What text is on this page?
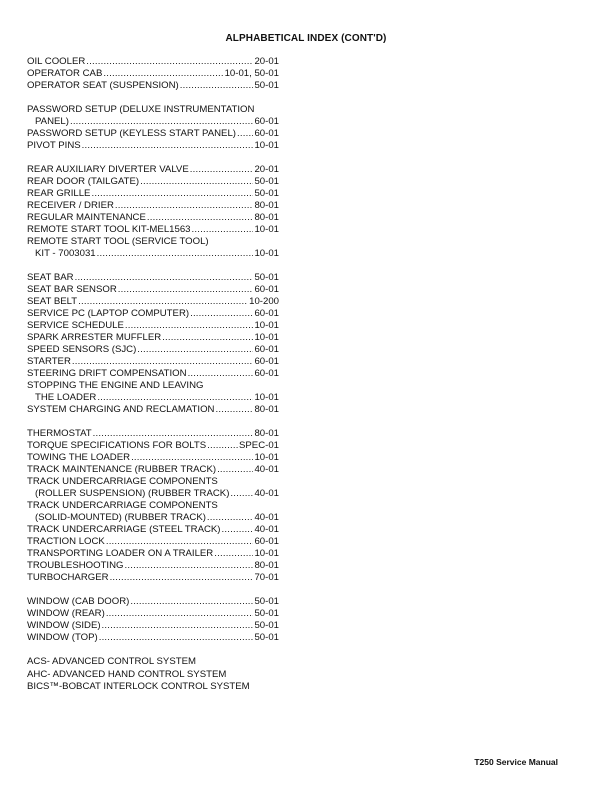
ALPHABETICAL INDEX (CONT'D)
OIL COOLER .....	20-01
OPERATOR CAB .....	10-01, 50-01
OPERATOR SEAT (SUSPENSION) .....	50-01
PASSWORD SETUP (DELUXE INSTRUMENTATION
PANEL) .....	60-01
PASSWORD SETUP (KEYLESS START PANEL) ..... 60-01
PIVOT PINS .....	10-01
REAR AUXILIARY DIVERTER VALVE .....	20-01
REAR DOOR (TAILGATE) .....	50-01
REAR GRILLE .....	50-01
RECEIVER / DRIER .....	80-01
REGULAR MAINTENANCE .....	80-01
REMOTE START TOOL KIT-MEL1563 .....	10-01
REMOTE START TOOL (SERVICE TOOL)
KIT - 7003031 .....	10-01
SEAT BAR .....	50-01
SEAT BAR SENSOR .....	60-01
SEAT BELT .....	10-200
SERVICE PC (LAPTOP COMPUTER) .....	60-01
SERVICE SCHEDULE .....	10-01
SPARK ARRESTER MUFFLER .....	10-01
SPEED SENSORS (SJC) .....	60-01
STARTER .....	60-01
STEERING DRIFT COMPENSATION .....	60-01
STOPPING THE ENGINE AND LEAVING
THE LOADER .....	10-01
SYSTEM CHARGING AND RECLAMATION .....	80-01
THERMOSTAT .....	80-01
TORQUE SPECIFICATIONS FOR BOLTS .....	SPEC-01
TOWING THE LOADER .....	10-01
TRACK MAINTENANCE (RUBBER TRACK) .....	40-01
TRACK UNDERCARRIAGE COMPONENTS
(ROLLER SUSPENSION) (RUBBER TRACK) .....	40-01
TRACK UNDERCARRIAGE COMPONENTS
(SOLID-MOUNTED) (RUBBER TRACK) .....	40-01
TRACK UNDERCARRIAGE (STEEL TRACK) .....	40-01
TRACTION LOCK .....	60-01
TRANSPORTING LOADER ON A TRAILER .....	10-01
TROUBLESHOOTING .....	80-01
TURBOCHARGER .....	70-01
WINDOW (CAB DOOR) .....	50-01
WINDOW (REAR) .....	50-01
WINDOW (SIDE) .....	50-01
WINDOW (TOP) .....	50-01
ACS- ADVANCED CONTROL SYSTEM
AHC- ADVANCED HAND CONTROL SYSTEM
BICS™-BOBCAT INTERLOCK CONTROL SYSTEM
T250 Service Manual
